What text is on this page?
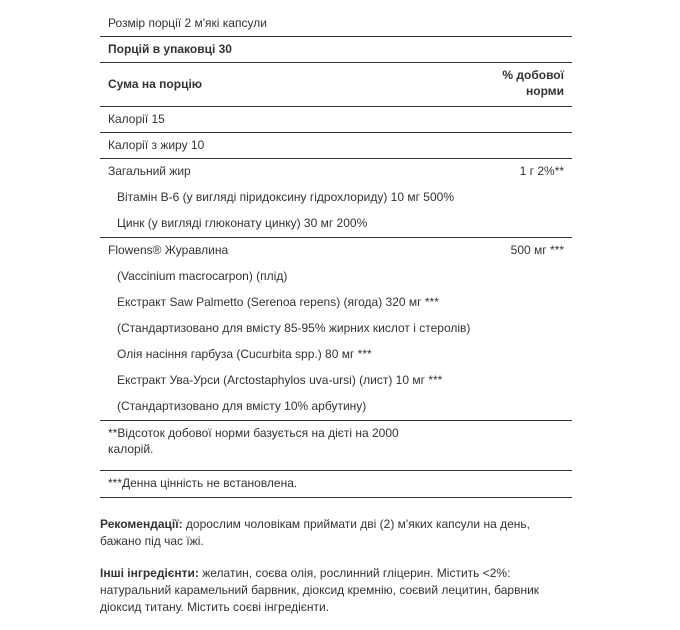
Розмір порції 2 м'які капсули
Порцій в упаковці 30
Сума на порцію
% добової норми
Калорії 15
Калорії з жиру 10
Загальний жир	1 г 2%**
Вітамін B-6 (у вигляді піридоксину гідрохлориду) 10 мг 500%
Цинк (у вигляді глюконату цинку) 30 мг 200%
Flowens® Журавлина	500 мг ***
(Vaccinium macrocarpon) (плід)
Екстракт Saw Palmetto (Serenoa repens) (ягода) 320 мг ***
(Стандартизовано для вмісту 85-95% жирних кислот і стеролів)
Олія насіння гарбуза (Cucurbita spp.) 80 мг ***
Екстракт Ува-Урси (Arctostaphylos uva-ursi) (лист) 10 мг ***
(Стандартизовано для вмісту 10% арбутину)
**Відсоток добової норми базується на дієті на 2000 калорій.
***Денна цінність не встановлена.
Рекомендації: дорослим чоловікам приймати дві (2) м'яких капсули на день, бажано під час їжі.
Інші інгредієнти: желатин, соєва олія, рослинний гліцерин. Містить <2%: натуральний карамельний барвник, діоксид кремнію, соєвий лецитин, барвник діоксид титану. Містить соєві інгредієнти.
